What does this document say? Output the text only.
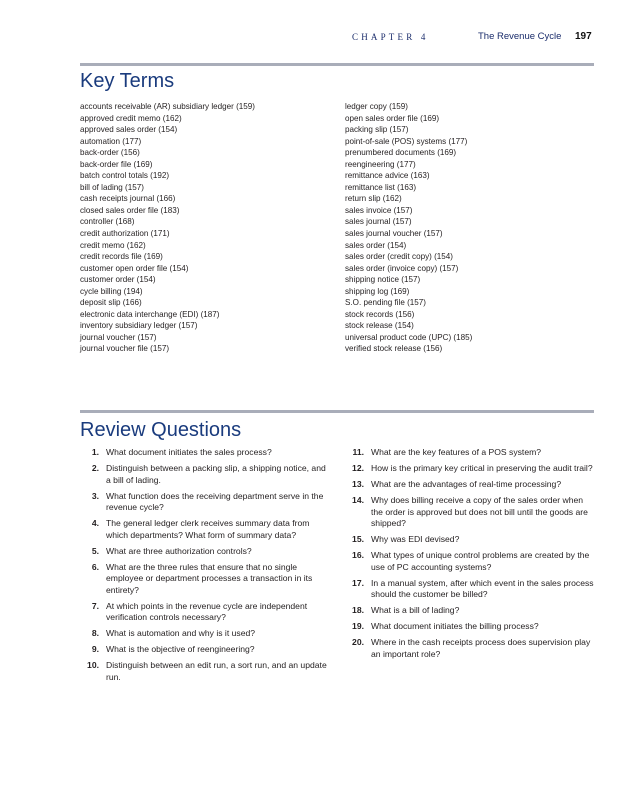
CHAPTER 4	The Revenue Cycle 197
Key Terms
accounts receivable (AR) subsidiary ledger (159)
approved credit memo (162)
approved sales order (154)
automation (177)
back-order (156)
back-order file (169)
batch control totals (192)
bill of lading (157)
cash receipts journal (166)
closed sales order file (183)
controller (168)
credit authorization (171)
credit memo (162)
credit records file (169)
customer open order file (154)
customer order (154)
cycle billing (194)
deposit slip (166)
electronic data interchange (EDI) (187)
inventory subsidiary ledger (157)
journal voucher (157)
journal voucher file (157)
ledger copy (159)
open sales order file (169)
packing slip (157)
point-of-sale (POS) systems (177)
prenumbered documents (169)
reengineering (177)
remittance advice (163)
remittance list (163)
return slip (162)
sales invoice (157)
sales journal (157)
sales journal voucher (157)
sales order (154)
sales order (credit copy) (154)
sales order (invoice copy) (157)
shipping notice (157)
shipping log (169)
S.O. pending file (157)
stock records (156)
stock release (154)
universal product code (UPC) (185)
verified stock release (156)
Review Questions
1. What document initiates the sales process?
2. Distinguish between a packing slip, a shipping notice, and a bill of lading.
3. What function does the receiving department serve in the revenue cycle?
4. The general ledger clerk receives summary data from which departments? What form of summary data?
5. What are three authorization controls?
6. What are the three rules that ensure that no single employee or department processes a transaction in its entirety?
7. At which points in the revenue cycle are independent verification controls necessary?
8. What is automation and why is it used?
9. What is the objective of reengineering?
10. Distinguish between an edit run, a sort run, and an update run.
11. What are the key features of a POS system?
12. How is the primary key critical in preserving the audit trail?
13. What are the advantages of real-time processing?
14. Why does billing receive a copy of the sales order when the order is approved but does not bill until the goods are shipped?
15. Why was EDI devised?
16. What types of unique control problems are created by the use of PC accounting systems?
17. In a manual system, after which event in the sales process should the customer be billed?
18. What is a bill of lading?
19. What document initiates the billing process?
20. Where in the cash receipts process does supervision play an important role?
